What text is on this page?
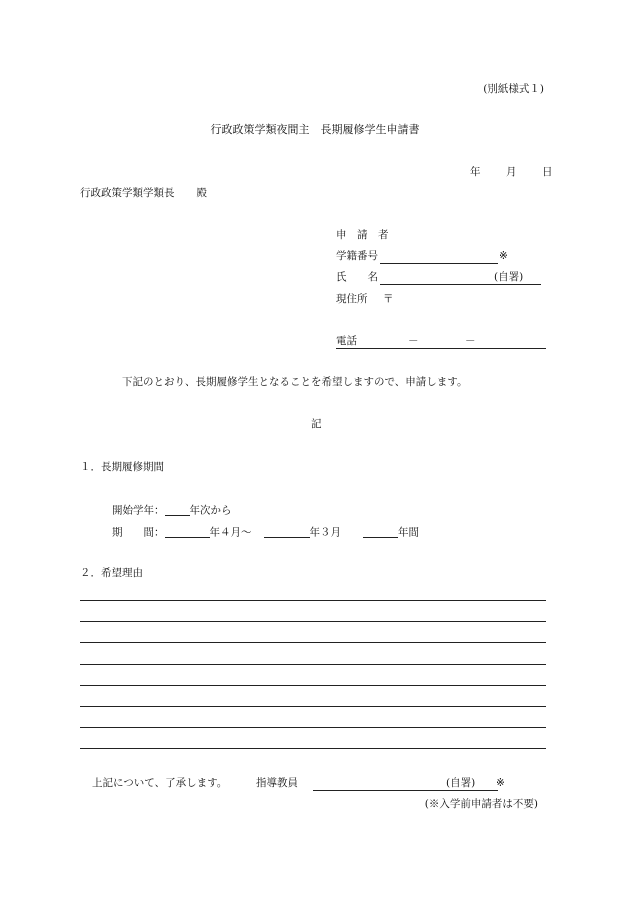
(別紙様式１)
行政政策学類夜間主　長期履修学生申請書
年 月 日
行政政策学類学類長 殿
申　請　者
学籍番号	※
氏　　名	(自署)
現住所 〒
電話	－	－
下記のとおり、長期履修学生となることを希望しますので、申請します。
記
１．長期履修期間
開始学年： 年次から
期　　間：	年４月～	年３月	年間
２．希望理由
上記について、了承します。	指導教員	(自署) ※
(※入学前申請者は不要)
